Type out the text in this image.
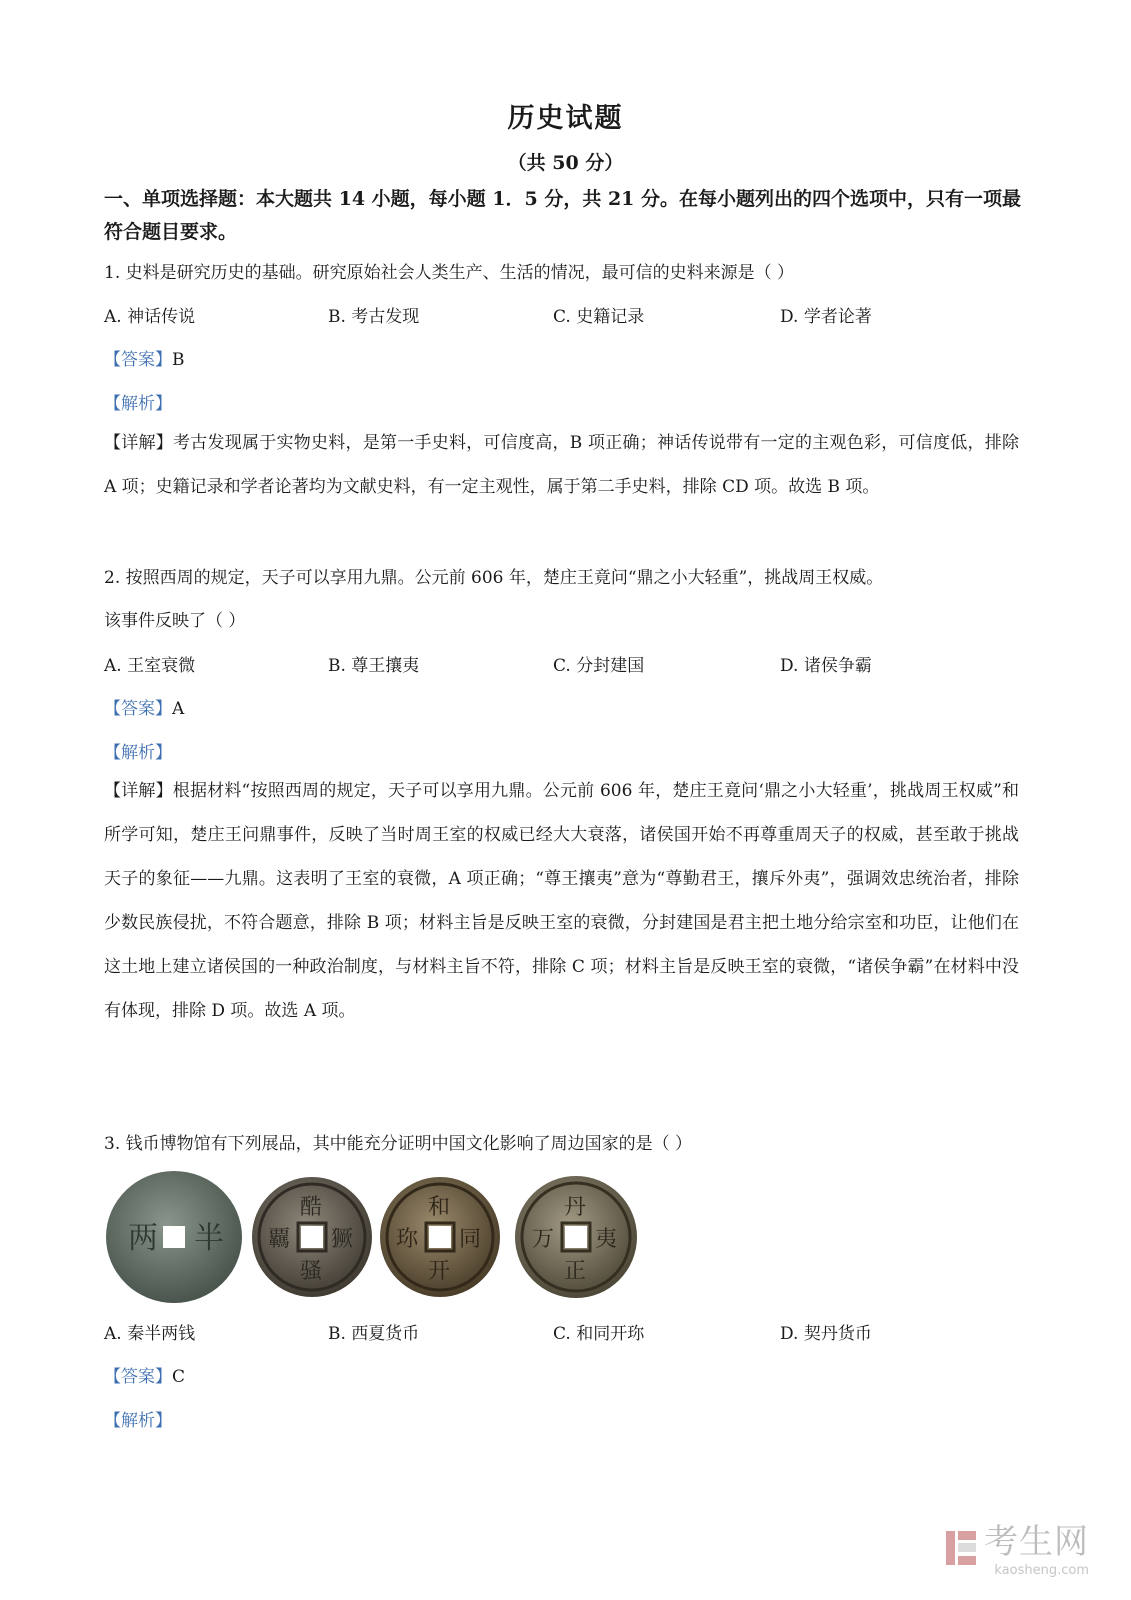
历史试题
（共 50 分）
一、单项选择题：本大题共 14 小题，每小题 1．5 分，共 21 分。在每小题列出的四个选项中，只有一项最符合题目要求。
1. 史料是研究历史的基础。研究原始社会人类生产、生活的情况，最可信的史料来源是（ ）
A. 神话传说	B. 考古发现	C. 史籍记录	D. 学者论著
【答案】B
【解析】
【详解】考古发现属于实物史料，是第一手史料，可信度高，B 项正确；神话传说带有一定的主观色彩，可信度低，排除 A 项；史籍记录和学者论著均为文献史料，有一定主观性，属于第二手史料，排除 CD 项。故选 B 项。
2. 按照西周的规定，天子可以享用九鼎。公元前 606 年，楚庄王竟问“鼎之小大轻重”，挑战周王权威。
该事件反映了（ ）
A. 王室衰微	B. 尊王攘夷	C. 分封建国	D. 诸侯争霸
【答案】A
【解析】
【详解】根据材料“按照西周的规定，天子可以享用九鼎。公元前 606 年，楚庄王竟问‘鼎之小大轻重’，挑战周王权威”和所学可知，楚庄王问鼎事件，反映了当时周王室的权威已经大大衰落，诸侯国开始不再尊重周天子的权威，甚至敢于挑战天子的象征——九鼎。这表明了王室的衰微，A 项正确；“尊王攘夷”意为“尊勤君王，攘斥外夷”，强调效忠统治者，排除少数民族侵扰，不符合题意，排除 B 项；材料主旨是反映王室的衰微，分封建国是君主把土地分给宗室和功臣，让他们在这土地上建立诸侯国的一种政治制度，与材料主旨不符，排除 C 项；材料主旨是反映王室的衰微，“诸侯争霸”在材料中没有体现，排除 D 项。故选 A 项。
3. 钱币博物馆有下列展品，其中能充分证明中国文化影响了周边国家的是（ ）
两 半
酷
獗
骚
覊
和
同
开
珎
丹
夷
正
万
A. 秦半两钱	B. 西夏货币	C. 和同开珎	D. 契丹货币
【答案】C
【解析】
考生网
kaosheng.com
